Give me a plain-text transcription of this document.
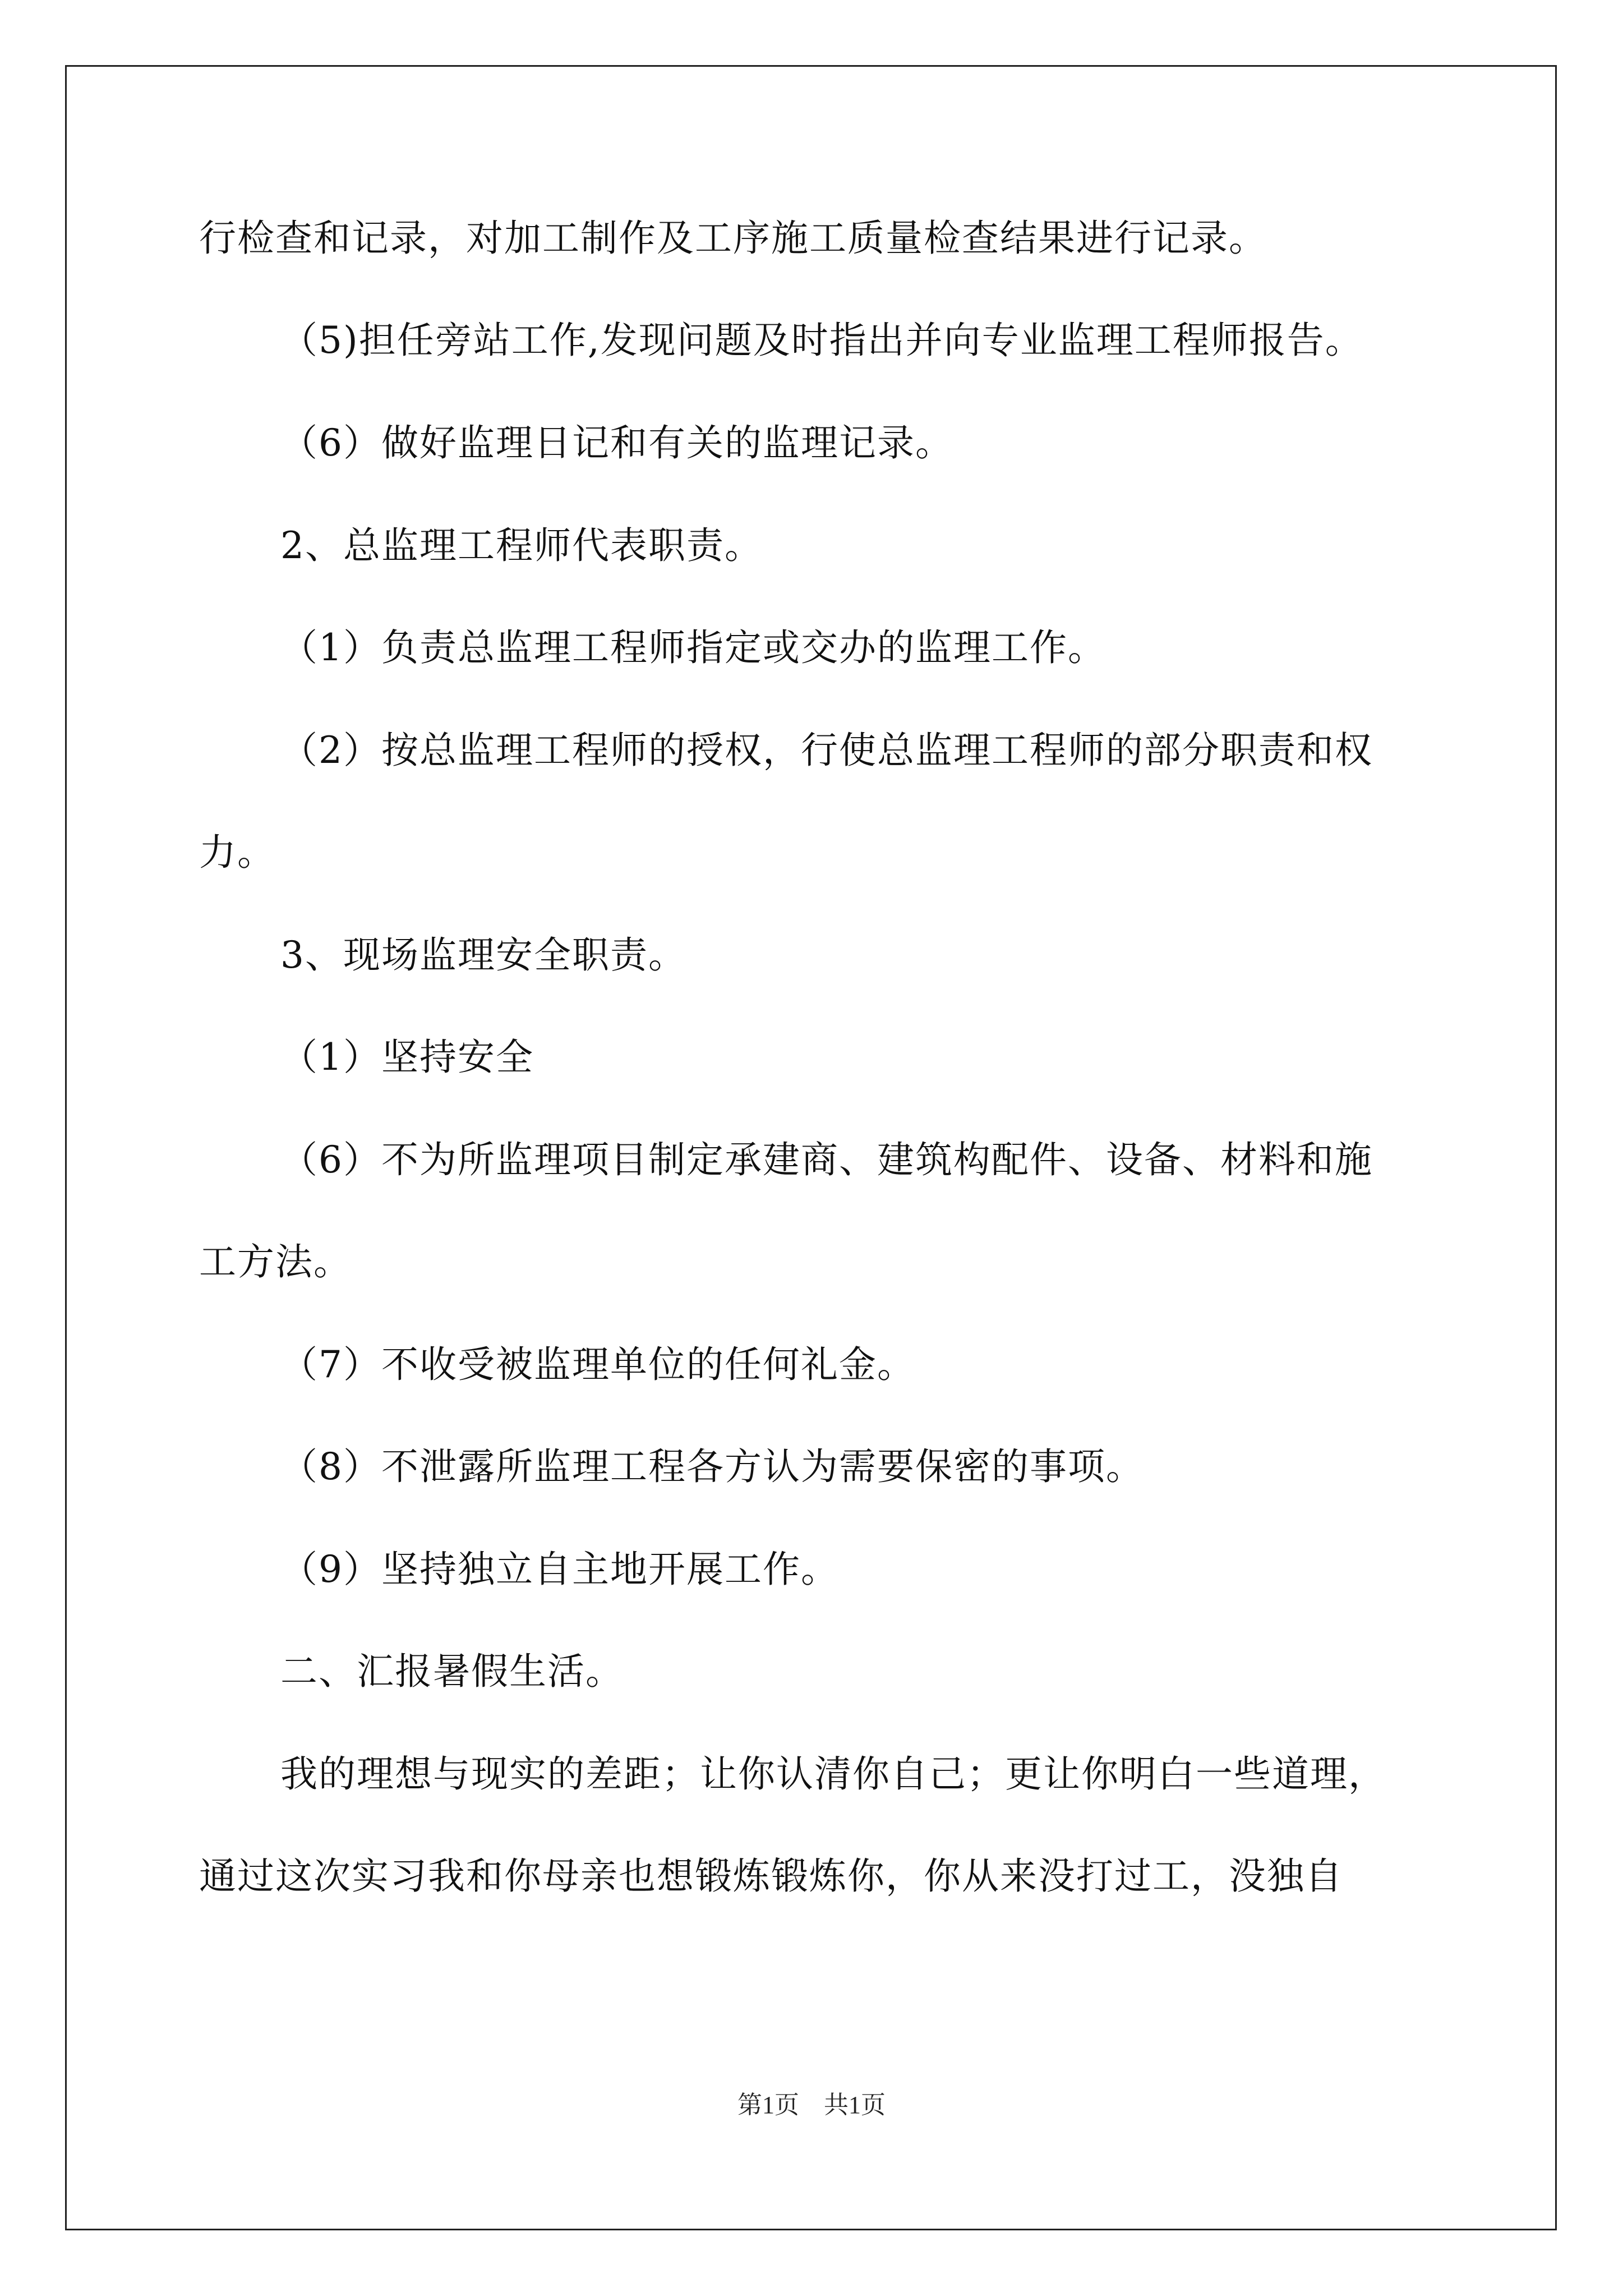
行检查和记录，对加工制作及工序施工质量检查结果进行记录。
（5)担任旁站工作,发现问题及时指出并向专业监理工程师报告。
（6）做好监理日记和有关的监理记录。
2、总监理工程师代表职责。
（1）负责总监理工程师指定或交办的监理工作。
（2）按总监理工程师的授权，行使总监理工程师的部分职责和权
力。
3、现场监理安全职责。
（1）坚持安全
（6）不为所监理项目制定承建商、建筑构配件、设备、材料和施
工方法。
（7）不收受被监理单位的任何礼金。
（8）不泄露所监理工程各方认为需要保密的事项。
（9）坚持独立自主地开展工作。
二、汇报暑假生活。
我的理想与现实的差距；让你认清你自己；更让你明白一些道理，
通过这次实习我和你母亲也想锻炼锻炼你，你从来没打过工，没独自
第1页　共1页
